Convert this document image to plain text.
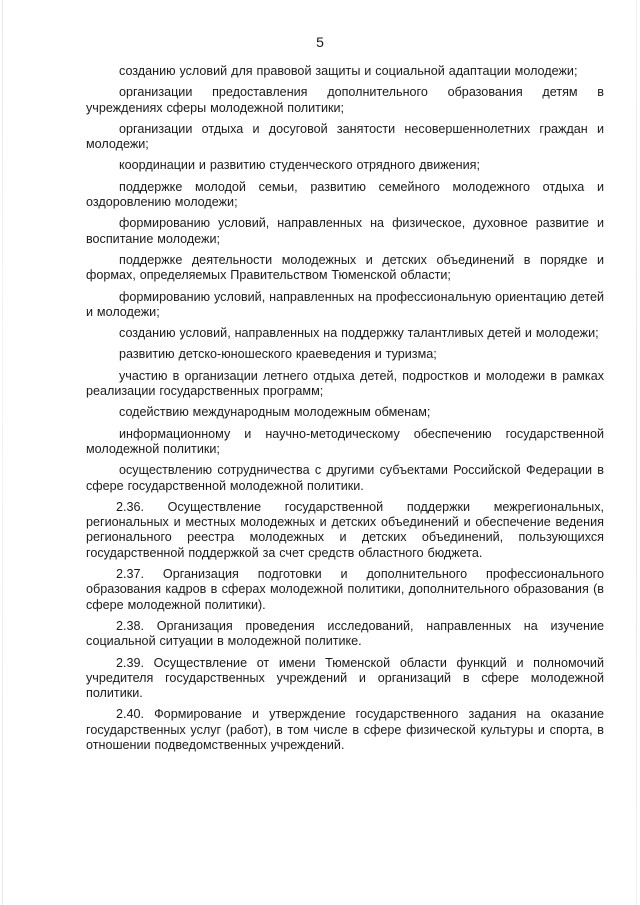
5

созданию условий для правовой защиты и социальной адаптации молодежи;

организации предоставления дополнительного образования детям в учреждениях сферы молодежной политики;

организации отдыха и досуговой занятости несовершеннолетних граждан и молодежи;

координации и развитию студенческого отрядного движения;

поддержке молодой семьи, развитию семейного молодежного отдыха и оздоровлению молодежи;

формированию условий, направленных на физическое, духовное развитие и воспитание молодежи;

поддержке деятельности молодежных и детских объединений в порядке и формах, определяемых Правительством Тюменской области;

формированию условий, направленных на профессиональную ориентацию детей и молодежи;

созданию условий, направленных на поддержку талантливых детей и молодежи;

развитию детско-юношеского краеведения и туризма;

участию в организации летнего отдыха детей, подростков и молодежи в рамках реализации государственных программ;

содействию международным молодежным обменам;

информационному и научно-методическому обеспечению государственной молодежной политики;

осуществлению сотрудничества с другими субъектами Российской Федерации в сфере государственной молодежной политики.

2.36. Осуществление государственной поддержки межрегиональных, региональных и местных молодежных и детских объединений и обеспечение ведения регионального реестра молодежных и детских объединений, пользующихся государственной поддержкой за счет средств областного бюджета.

2.37. Организация подготовки и дополнительного профессионального образования кадров в сферах молодежной политики, дополнительного образования (в сфере молодежной политики).

2.38. Организация проведения исследований, направленных на изучение социальной ситуации в молодежной политике.

2.39. Осуществление от имени Тюменской области функций и полномочий учредителя государственных учреждений и организаций в сфере молодежной политики.

2.40. Формирование и утверждение государственного задания на оказание государственных услуг (работ), в том числе в сфере физической культуры и спорта, в отношении подведомственных учреждений.
